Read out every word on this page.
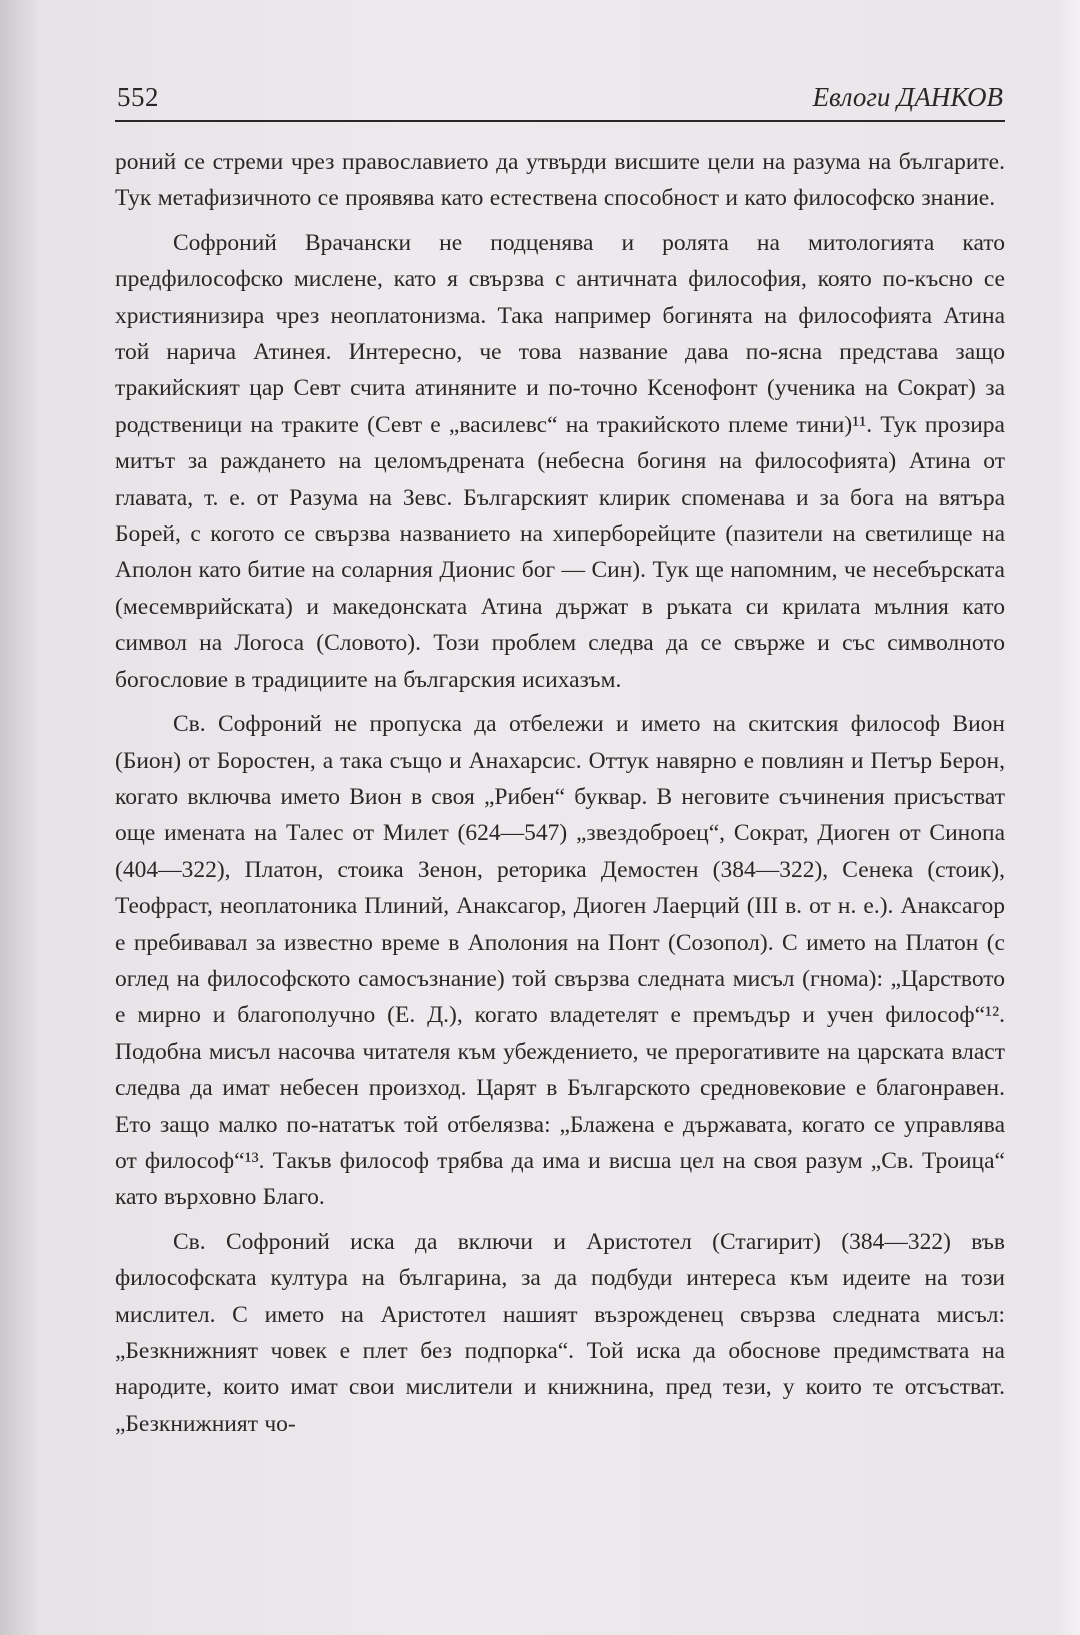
552	Евлоги ДАНКОВ

роний се стреми чрез православието да утвърди висшите цели на разума на българите. Тук метафизичното се проявява като естествена способност и като философско знание.

Софроний Врачански не подценява и ролята на митологията като предфилософско мислене, като я свързва с античната философия, която по-късно се християнизира чрез неоплатонизма. Така например богинята на философията Атина той нарича Атинея. Интересно, че това название дава по-ясна представа защо тракийският цар Севт счита атиняните и по-точно Ксенофонт (ученика на Сократ) за родственици на траките (Севт е „василевс“ на тракийското племе тини)¹¹. Тук прозира митът за раждането на целомъдрената (небесна богиня на философията) Атина от главата, т. е. от Разума на Зевс. Българският клирик споменава и за бога на вятъра Борей, с когото се свързва названието на хиперборейците (пазители на светилище на Аполон като битие на соларния Дионис бог — Син). Тук ще напомним, че несебърската (месемврийската) и македонската Атина държат в ръката си крилата мълния като символ на Логоса (Словото). Този проблем следва да се свърже и със символното богословие в традициите на българския исихазъм.

Св. Софроний не пропуска да отбележи и името на скитския философ Вион (Бион) от Боростен, а така също и Анахарсис. Оттук навярно е повлиян и Петър Берон, когато включва името Вион в своя „Рибен“ буквар. В неговите съчинения присъстват още имената на Талес от Милет (624—547) „звездоброец“, Сократ, Диоген от Синопа (404—322), Платон, стоика Зенон, реторика Демостен (384—322), Сенека (стоик), Теофраст, неоплатоника Плиний, Анаксагор, Диоген Лаерций (III в. от н. е.). Анаксагор е пребивавал за известно време в Аполония на Понт (Созопол). С името на Платон (с оглед на философското самосъзнание) той свързва следната мисъл (гнома): „Царството е мирно и благополучно (Е. Д.), когато владетелят е премъдър и учен философ“¹². Подобна мисъл насочва читателя към убеждението, че прерогативите на царската власт следва да имат небесен произход. Царят в Българското средновековие е благонравен. Ето защо малко по-нататък той отбелязва: „Блажена е държавата, когато се управлява от философ“¹³. Такъв философ трябва да има и висша цел на своя разум „Св. Троица“ като върховно Благо.

Св. Софроний иска да включи и Аристотел (Стагирит) (384—322) във философската култура на българина, за да подбуди интереса към идеите на този мислител. С името на Аристотел нашият възрожденец свързва следната мисъл: „Безкнижният човек е плет без подпорка“. Той иска да обоснове предимствата на народите, които имат свои мислители и книжнина, пред тези, у които те отсъстват. „Безкнижният чо-
